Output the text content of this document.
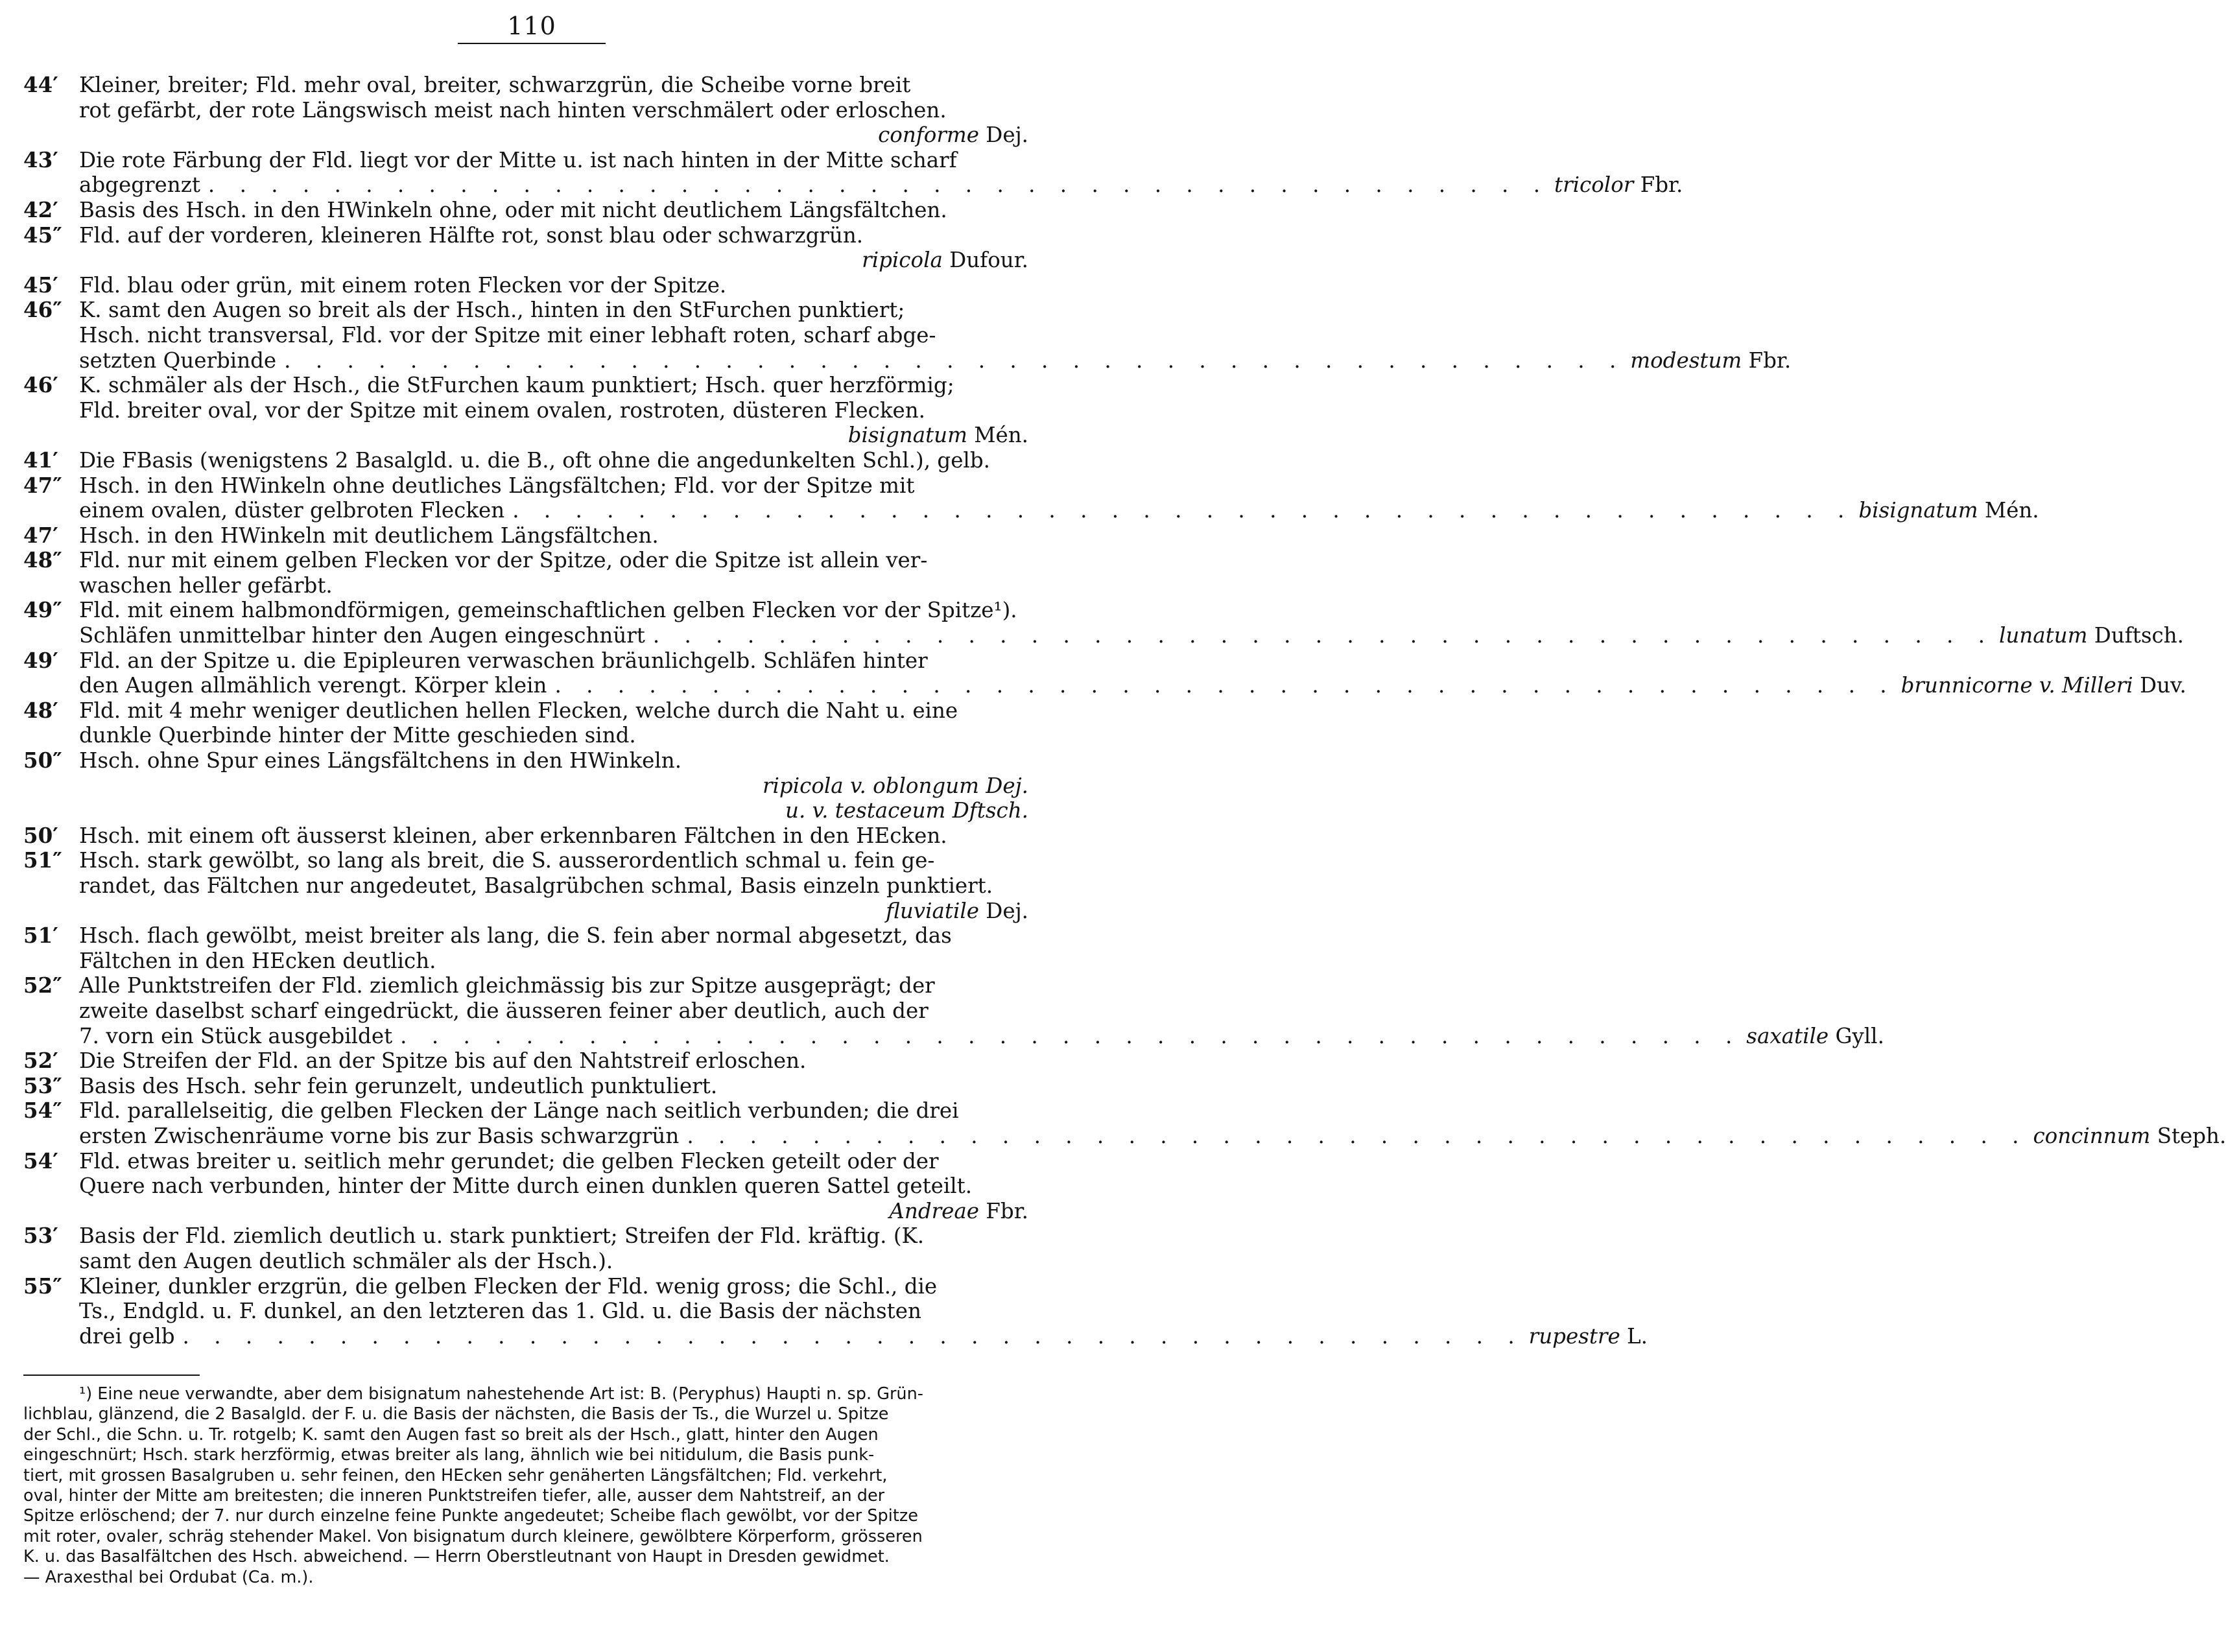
110
44′ Kleiner, breiter; Fld. mehr oval, breiter, schwarzgrün, die Scheibe vorne breit
rot gefärbt, der rote Längswisch meist nach hinten verschmälert oder erloschen.
conforme Dej.
43′ Die rote Färbung der Fld. liegt vor der Mitte u. ist nach hinten in der Mitte scharf
abgegrenzt . . . . . . . . . . . . . . . . . . . . . . . . . . . . . . . . . . . . . . . . . . . tricolor Fbr.
42′ Basis des Hsch. in den HWinkeln ohne, oder mit nicht deutlichem Längsfältchen.
45″ Fld. auf der vorderen, kleineren Hälfte rot, sonst blau oder schwarzgrün.
ripicola Dufour.
45′ Fld. blau oder grün, mit einem roten Flecken vor der Spitze.
46″ K. samt den Augen so breit als der Hsch., hinten in den StFurchen punktiert;
Hsch. nicht transversal, Fld. vor der Spitze mit einer lebhaft roten, scharf abge-
setzten Querbinde . . . . . . . . . . . . . . . . . . . . . . . . . . . . . . . . . . . . . . . . . . . modestum Fbr.
46′ K. schmäler als der Hsch., die StFurchen kaum punktiert; Hsch. quer herzförmig;
Fld. breiter oval, vor der Spitze mit einem ovalen, rostroten, düsteren Flecken.
bisignatum Mén.
41′ Die FBasis (wenigstens 2 Basalgld. u. die B., oft ohne die angedunkelten Schl.), gelb.
47″ Hsch. in den HWinkeln ohne deutliches Längsfältchen; Fld. vor der Spitze mit
einem ovalen, düster gelbroten Flecken . . . . . . . . . . . . . . . . . . . . . . . . . . . . . . . . . . . . . . . . . . . bisignatum Mén.
47′ Hsch. in den HWinkeln mit deutlichem Längsfältchen.
48″ Fld. nur mit einem gelben Flecken vor der Spitze, oder die Spitze ist allein ver-
waschen heller gefärbt.
49″ Fld. mit einem halbmondförmigen, gemeinschaftlichen gelben Flecken vor der Spitze¹).
Schläfen unmittelbar hinter den Augen eingeschnürt . . . . . . . . . . . . . . . . . . . . . . . . . . . . . . . . . . . . . . . . . . . lunatum Duftsch.
49′ Fld. an der Spitze u. die Epipleuren verwaschen bräunlichgelb. Schläfen hinter
den Augen allmählich verengt. Körper klein . . . . . . . . . . . . . . . . . . . . . . . . . . . . . . . . . . . . . . . . . . . brunnicorne v. Milleri Duv.
48′ Fld. mit 4 mehr weniger deutlichen hellen Flecken, welche durch die Naht u. eine
dunkle Querbinde hinter der Mitte geschieden sind.
50″ Hsch. ohne Spur eines Längsfältchens in den HWinkeln.
ripicola v. oblongum Dej.
u. v. testaceum Dftsch.
50′ Hsch. mit einem oft äusserst kleinen, aber erkennbaren Fältchen in den HEcken.
51″ Hsch. stark gewölbt, so lang als breit, die S. ausserordentlich schmal u. fein ge-
randet, das Fältchen nur angedeutet, Basalgrübchen schmal, Basis einzeln punktiert.
fluviatile Dej.
51′ Hsch. flach gewölbt, meist breiter als lang, die S. fein aber normal abgesetzt, das
Fältchen in den HEcken deutlich.
52″ Alle Punktstreifen der Fld. ziemlich gleichmässig bis zur Spitze ausgeprägt; der
zweite daselbst scharf eingedrückt, die äusseren feiner aber deutlich, auch der
7. vorn ein Stück ausgebildet . . . . . . . . . . . . . . . . . . . . . . . . . . . . . . . . . . . . . . . . . . . saxatile Gyll.
52′ Die Streifen der Fld. an der Spitze bis auf den Nahtstreif erloschen.
53″ Basis des Hsch. sehr fein gerunzelt, undeutlich punktuliert.
54″ Fld. parallelseitig, die gelben Flecken der Länge nach seitlich verbunden; die drei
ersten Zwischenräume vorne bis zur Basis schwarzgrün . . . . . . . . . . . . . . . . . . . . . . . . . . . . . . . . . . . . . . . . . . . concinnum Steph.
54′ Fld. etwas breiter u. seitlich mehr gerundet; die gelben Flecken geteilt oder der
Quere nach verbunden, hinter der Mitte durch einen dunklen queren Sattel geteilt.
Andreae Fbr.
53′ Basis der Fld. ziemlich deutlich u. stark punktiert; Streifen der Fld. kräftig. (K.
samt den Augen deutlich schmäler als der Hsch.).
55″ Kleiner, dunkler erzgrün, die gelben Flecken der Fld. wenig gross; die Schl., die
Ts., Endgld. u. F. dunkel, an den letzteren das 1. Gld. u. die Basis der nächsten
drei gelb . . . . . . . . . . . . . . . . . . . . . . . . . . . . . . . . . . . . . . . . . . . rupestre L.
¹) Eine neue verwandte, aber dem bisignatum nahestehende Art ist: B. (Peryphus) Haupti n. sp. Grün-
lichblau, glänzend, die 2 Basalgld. der F. u. die Basis der nächsten, die Basis der Ts., die Wurzel u. Spitze
der Schl., die Schn. u. Tr. rotgelb; K. samt den Augen fast so breit als der Hsch., glatt, hinter den Augen
eingeschnürt; Hsch. stark herzförmig, etwas breiter als lang, ähnlich wie bei nitidulum, die Basis punk-
tiert, mit grossen Basalgruben u. sehr feinen, den HEcken sehr genäherten Längsfältchen; Fld. verkehrt,
oval, hinter der Mitte am breitesten; die inneren Punktstreifen tiefer, alle, ausser dem Nahtstreif, an der
Spitze erlöschend; der 7. nur durch einzelne feine Punkte angedeutet; Scheibe flach gewölbt, vor der Spitze
mit roter, ovaler, schräg stehender Makel. Von bisignatum durch kleinere, gewölbtere Körperform, grösseren
K. u. das Basalfältchen des Hsch. abweichend. — Herrn Oberstleutnant von Haupt in Dresden gewidmet.
— Araxesthal bei Ordubat (Ca. m.).
